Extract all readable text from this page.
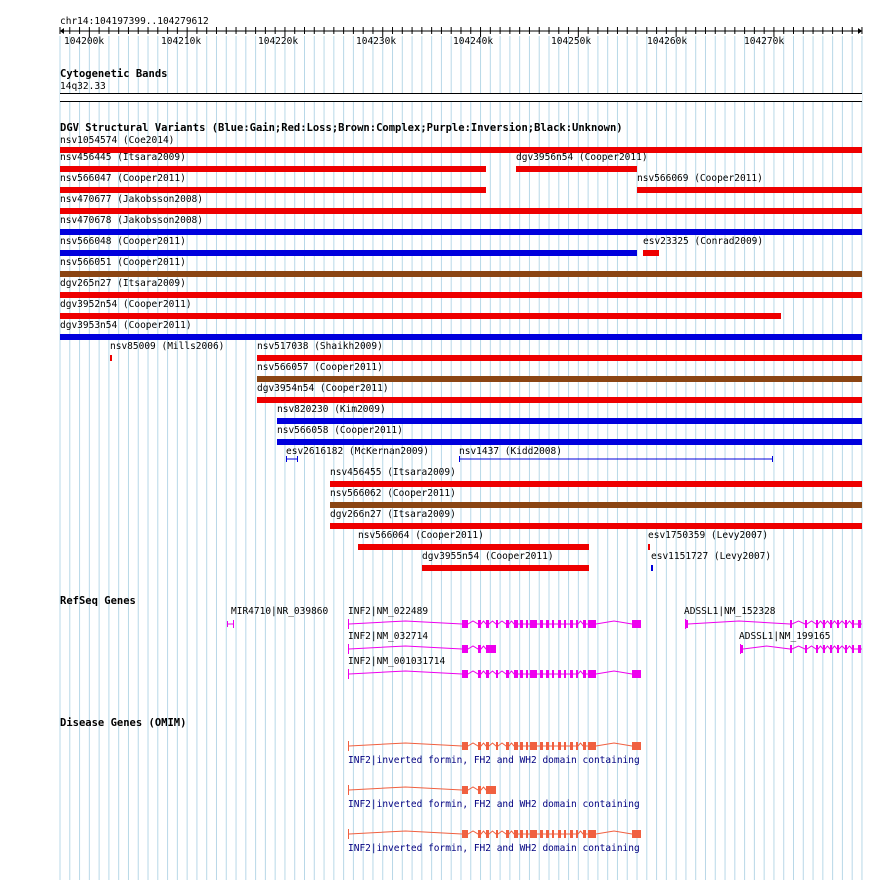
chr14:104197399..104279612
104200k	104210k	104220k	104230k	104240k	104250k	104260k	104270k
Cytogenetic Bands
14q32.33
DGV Structural Variants (Blue:Gain;Red:Loss;Brown:Complex;Purple:Inversion;Black:Unknown)
nsv1054574 (Coe2014)
nsv456445 (Itsara2009)	dgv3956n54 (Cooper2011)
nsv566047 (Cooper2011)	nsv566069 (Cooper2011)
nsv470677 (Jakobsson2008)
nsv470678 (Jakobsson2008)
nsv566048 (Cooper2011)	esv23325 (Conrad2009)
nsv566051 (Cooper2011)
dgv265n27 (Itsara2009)
dgv3952n54 (Cooper2011)
dgv3953n54 (Cooper2011)
nsv85009 (Mills2006)	nsv517038 (Shaikh2009)
nsv566057 (Cooper2011)
dgv3954n54 (Cooper2011)
nsv820230 (Kim2009)
nsv566058 (Cooper2011)
esv2616182 (McKernan2009)	nsv1437 (Kidd2008)
nsv456455 (Itsara2009)
nsv566062 (Cooper2011)
dgv266n27 (Itsara2009)
nsv566064 (Cooper2011)	esv1750359 (Levy2007)
dgv3955n54 (Cooper2011)	esv1151727 (Levy2007)
RefSeq Genes
MIR4710|NR_039860 INF2|NM_022489
INF2|NM_032714
INF2|NM_001031714
ADSSL1|NM_152328
ADSSL1|NM_199165
Disease Genes (OMIM)
INF2|inverted formin, FH2 and WH2 domain containing
INF2|inverted formin, FH2 and WH2 domain containing
INF2|inverted formin, FH2 and WH2 domain containing
